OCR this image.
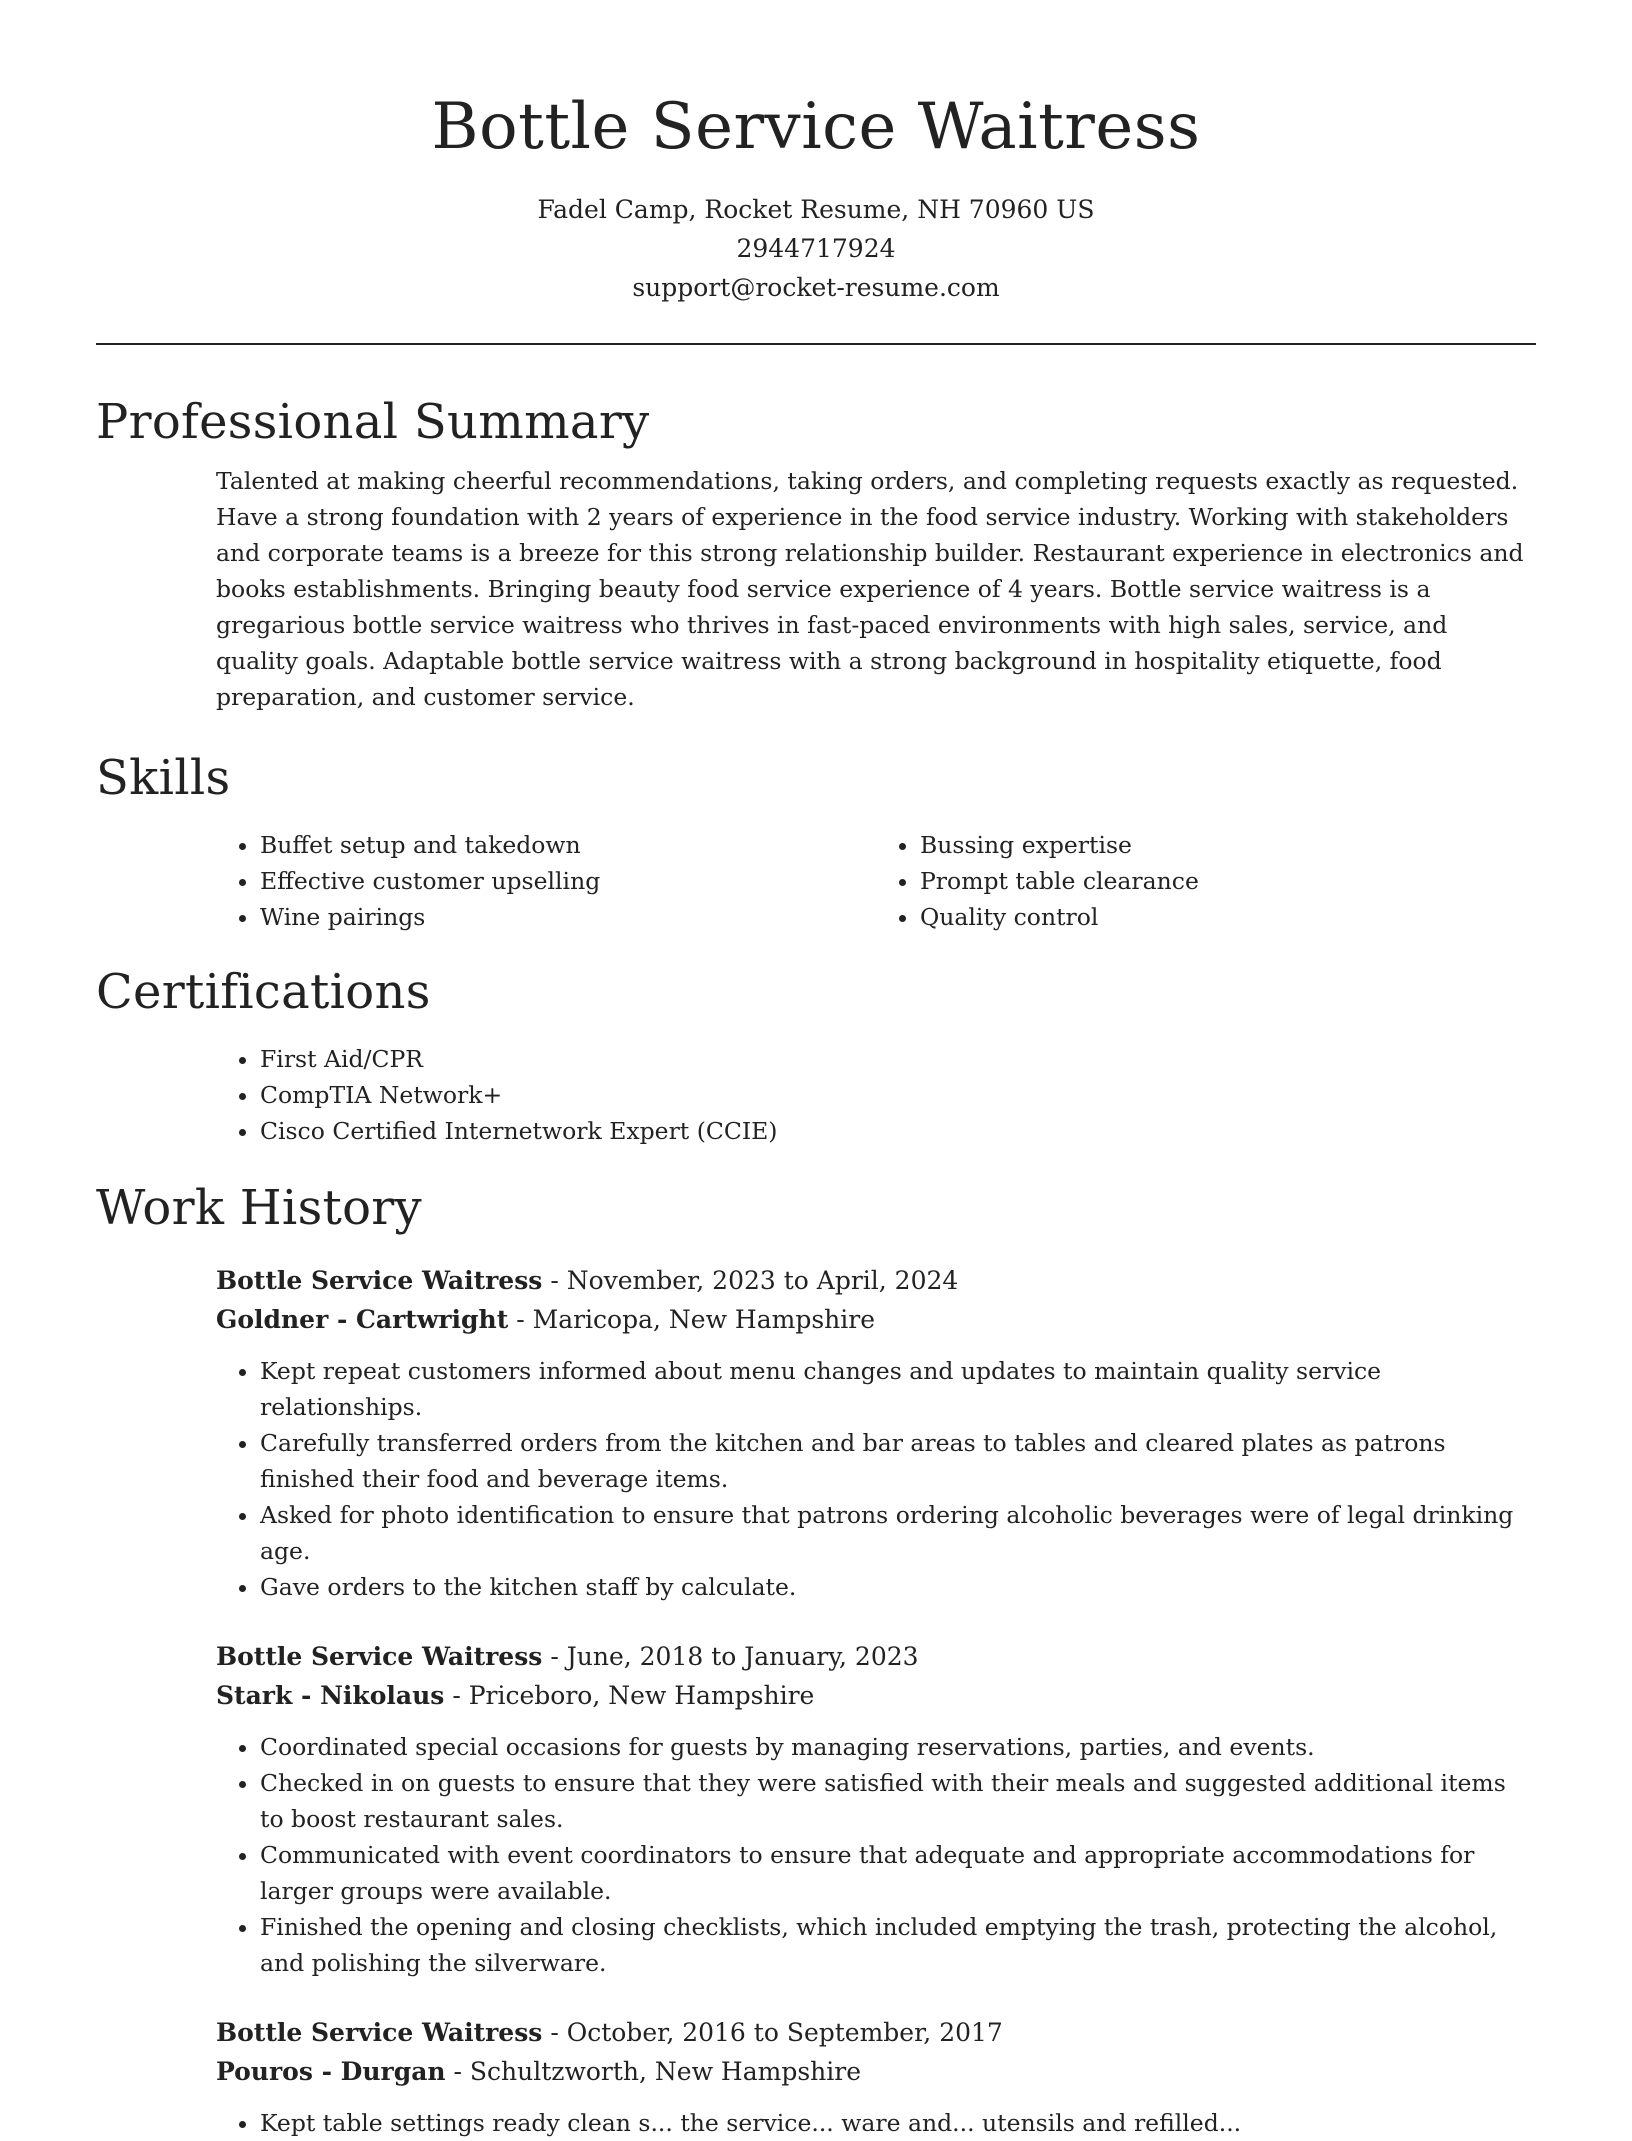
Bottle Service Waitress
Fadel Camp, Rocket Resume, NH 70960 US
2944717924
support@rocket-resume.com
Professional Summary
Talented at making cheerful recommendations, taking orders, and completing requests exactly as requested. Have a strong foundation with 2 years of experience in the food service industry. Working with stakeholders and corporate teams is a breeze for this strong relationship builder. Restaurant experience in electronics and books establishments. Bringing beauty food service experience of 4 years. Bottle service waitress is a gregarious bottle service waitress who thrives in fast-paced environments with high sales, service, and quality goals. Adaptable bottle service waitress with a strong background in hospitality etiquette, food preparation, and customer service.
Skills
• Buffet setup and takedown
• Effective customer upselling
• Wine pairings
• Bussing expertise
• Prompt table clearance
• Quality control
Certifications
• First Aid/CPR
• CompTIA Network+
• Cisco Certified Internetwork Expert (CCIE)
Work History
Bottle Service Waitress - November, 2023 to April, 2024
Goldner - Cartwright - Maricopa, New Hampshire
• Kept repeat customers informed about menu changes and updates to maintain quality service relationships.
• Carefully transferred orders from the kitchen and bar areas to tables and cleared plates as patrons finished their food and beverage items.
• Asked for photo identification to ensure that patrons ordering alcoholic beverages were of legal drinking age.
• Gave orders to the kitchen staff by calculate.
Bottle Service Waitress - June, 2018 to January, 2023
Stark - Nikolaus - Priceboro, New Hampshire
• Coordinated special occasions for guests by managing reservations, parties, and events.
• Checked in on guests to ensure that they were satisfied with their meals and suggested additional items to boost restaurant sales.
• Communicated with event coordinators to ensure that adequate and appropriate accommodations for larger groups were available.
• Finished the opening and closing checklists, which included emptying the trash, protecting the alcohol, and polishing the silverware.
Bottle Service Waitress - October, 2016 to September, 2017
Pouros - Durgan - Schultzworth, New Hampshire
• Kept table settings ready clean s... the service... ware and... utensils and refilled...
